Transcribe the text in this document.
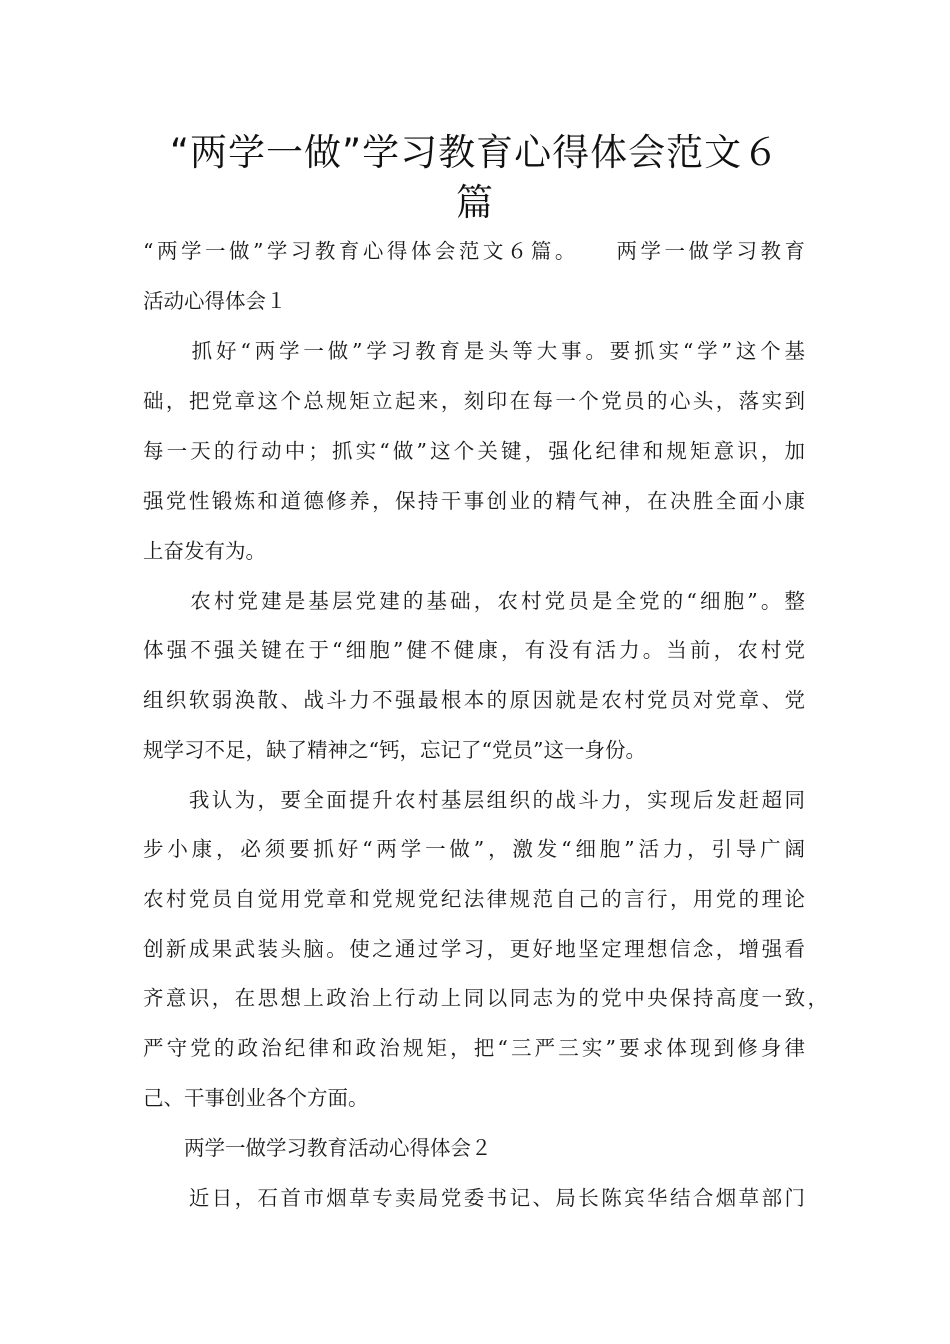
“两学一做”学习教育心得体会范文６
篇
“两学一做”学习教育心得体会范文６篇。　　两学一做学习教育
活动心得体会１
　　抓好“两学一做”学习教育是头等大事。要抓实“学”这个基
础，把党章这个总规矩立起来，刻印在每一个党员的心头，落实到
每一天的行动中；抓实“做”这个关键，强化纪律和规矩意识，加
强党性锻炼和道德修养，保持干事创业的精气神，在决胜全面小康
上奋发有为。
　　农村党建是基层党建的基础，农村党员是全党的“细胞”。整
体强不强关键在于“细胞”健不健康，有没有活力。当前，农村党
组织软弱涣散、战斗力不强最根本的原因就是农村党员对党章、党
规学习不足，缺了精神之“钙，忘记了“党员”这一身份。
　　我认为，要全面提升农村基层组织的战斗力，实现后发赶超同
步小康，必须要抓好“两学一做”，激发“细胞”活力，引导广阔
农村党员自觉用党章和党规党纪法律规范自己的言行，用党的理论
创新成果武装头脑。使之通过学习，更好地坚定理想信念，增强看
齐意识，在思想上政治上行动上同以同志为的党中央保持高度一致，
严守党的政治纪律和政治规矩，把“三严三实”要求体现到修身律
己、干事创业各个方面。
　　两学一做学习教育活动心得体会２
　　近日，石首市烟草专卖局党委书记、局长陈宾华结合烟草部门
